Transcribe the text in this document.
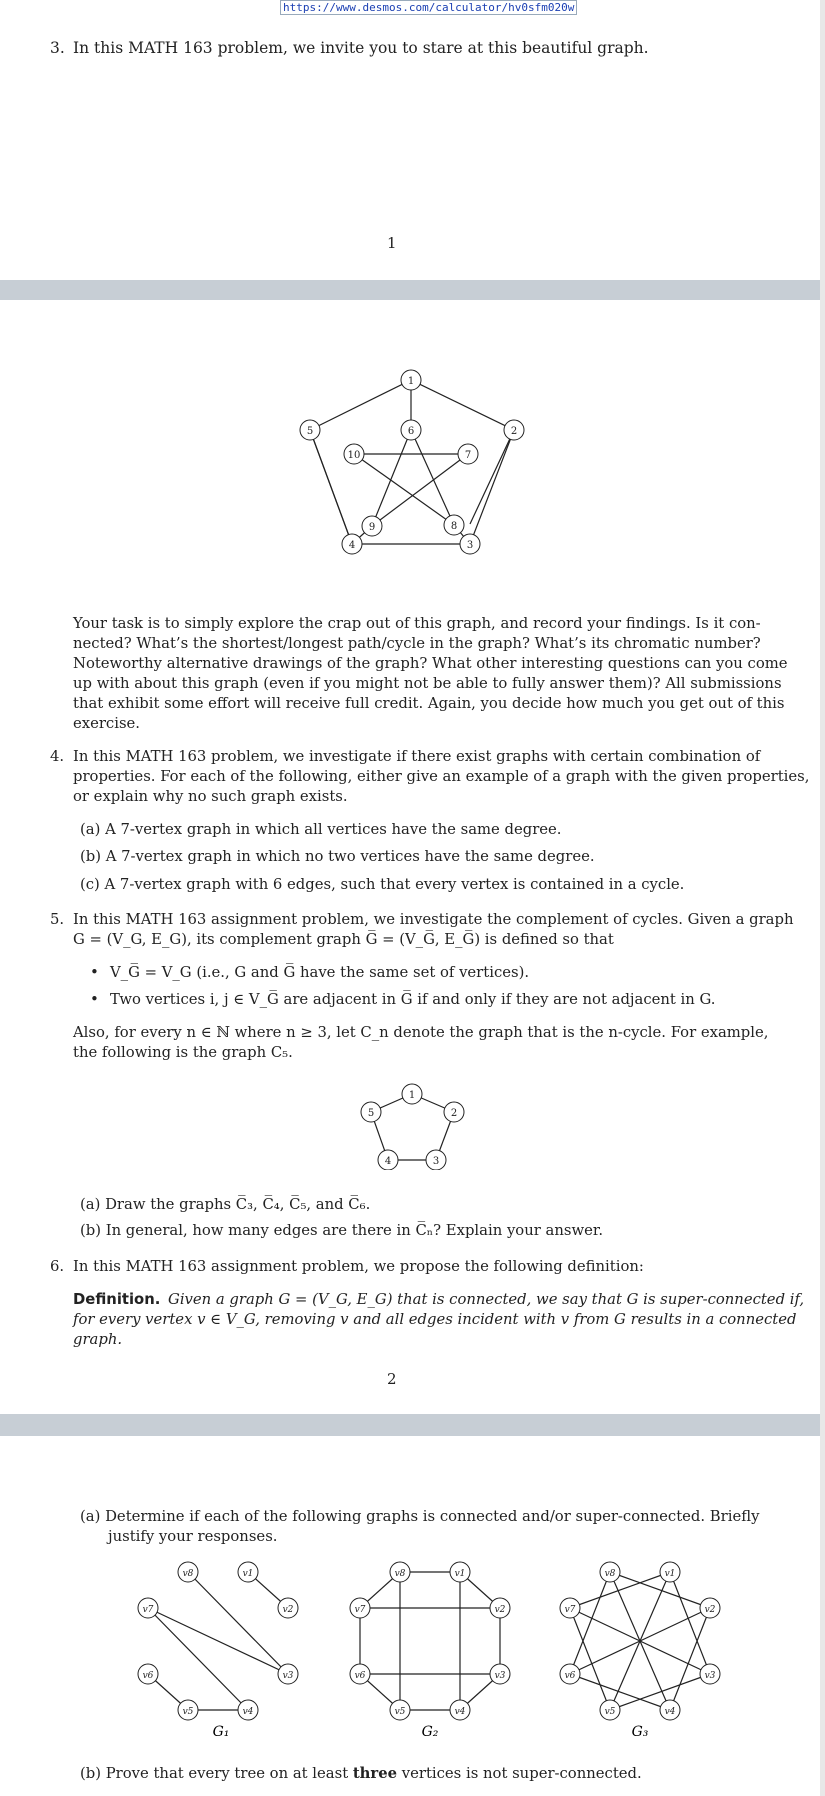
https://www.desmos.com/calculator/hv0sfm020w
3. In this MATH 163 problem, we invite you to stare at this beautiful graph.
1
1
2
3
4
5	6
7
8
9
10
Your task is to simply explore the crap out of this graph, and record your findings. Is it con-
nected? What’s the shortest/longest path/cycle in the graph? What’s its chromatic number?
Noteworthy alternative drawings of the graph? What other interesting questions can you come
up with about this graph (even if you might not be able to fully answer them)? All submissions
that exhibit some effort will receive full credit. Again, you decide how much you get out of this
exercise.
4. In this MATH 163 problem, we investigate if there exist graphs with certain combination of
properties. For each of the following, either give an example of a graph with the given properties,
or explain why no such graph exists.
(a) A 7-vertex graph in which all vertices have the same degree.
(b) A 7-vertex graph in which no two vertices have the same degree.
(c) A 7-vertex graph with 6 edges, such that every vertex is contained in a cycle.
5. In this MATH 163 assignment problem, we investigate the complement of cycles. Given a graph
G = (V_G, E_G), its complement graph G̅ = (V_G̅, E_G̅) is defined so that
• V_G̅ = V_G (i.e., G and G̅ have the same set of vertices).
• Two vertices i, j ∈ V_G̅ are adjacent in G̅ if and only if they are not adjacent in G.
Also, for every n ∈ ℕ where n ≥ 3, let C_n denote the graph that is the n-cycle. For example,
the following is the graph C₅.
1
2
3
4
5
(a) Draw the graphs C̅₃, C̅₄, C̅₅, and C̅₆.
(b) In general, how many edges are there in C̅ₙ? Explain your answer.
6. In this MATH 163 assignment problem, we propose the following definition:
Definition. Given a graph G = (V_G, E_G) that is connected, we say that G is super-connected if,
for every vertex v ∈ V_G, removing v and all edges incident with v from G results in a connected
graph.
2
(a) Determine if each of the following graphs is connected and/or super-connected. Briefly
justify your responses.
v1
v2
v3
v4
v5
v6
v7
v8
G₁
v1
v2
v3
v4
v5
v6
v7
v8
G₂
v1
v2
v3
v4
v5
v6
v7
v8
G₃
(b) Prove that every tree on at least three vertices is not super-connected.
